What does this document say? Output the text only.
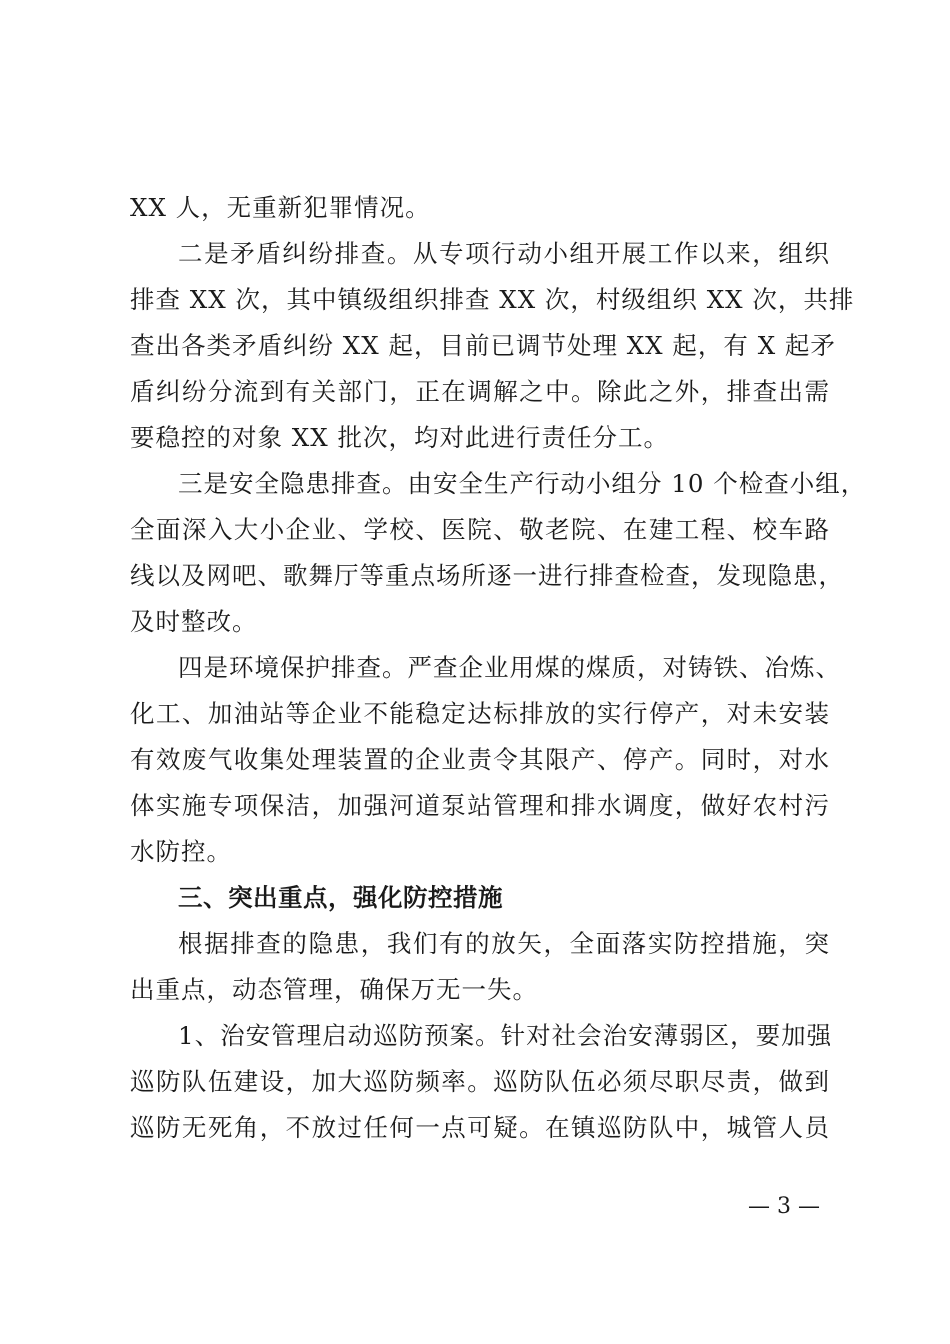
XX 人，无重新犯罪情况。
二是矛盾纠纷排查。从专项行动小组开展工作以来，组织
排查 XX 次，其中镇级组织排查 XX 次，村级组织 XX 次，共排
查出各类矛盾纠纷 XX 起，目前已调节处理 XX 起，有 X 起矛
盾纠纷分流到有关部门，正在调解之中。除此之外，排查出需
要稳控的对象 XX 批次，均对此进行责任分工。
三是安全隐患排查。由安全生产行动小组分 10 个检查小组，
全面深入大小企业、学校、医院、敬老院、在建工程、校车路
线以及网吧、歌舞厅等重点场所逐一进行排查检查，发现隐患，
及时整改。
四是环境保护排查。严查企业用煤的煤质，对铸铁、冶炼、
化工、加油站等企业不能稳定达标排放的实行停产，对未安装
有效废气收集处理装置的企业责令其限产、停产。同时，对水
体实施专项保洁，加强河道泵站管理和排水调度，做好农村污
水防控。
三、突出重点，强化防控措施
根据排查的隐患，我们有的放矢，全面落实防控措施，突
出重点，动态管理，确保万无一失。
1、治安管理启动巡防预案。针对社会治安薄弱区，要加强
巡防队伍建设，加大巡防频率。巡防队伍必须尽职尽责，做到
巡防无死角，不放过任何一点可疑。在镇巡防队中，城管人员
— 3 —
